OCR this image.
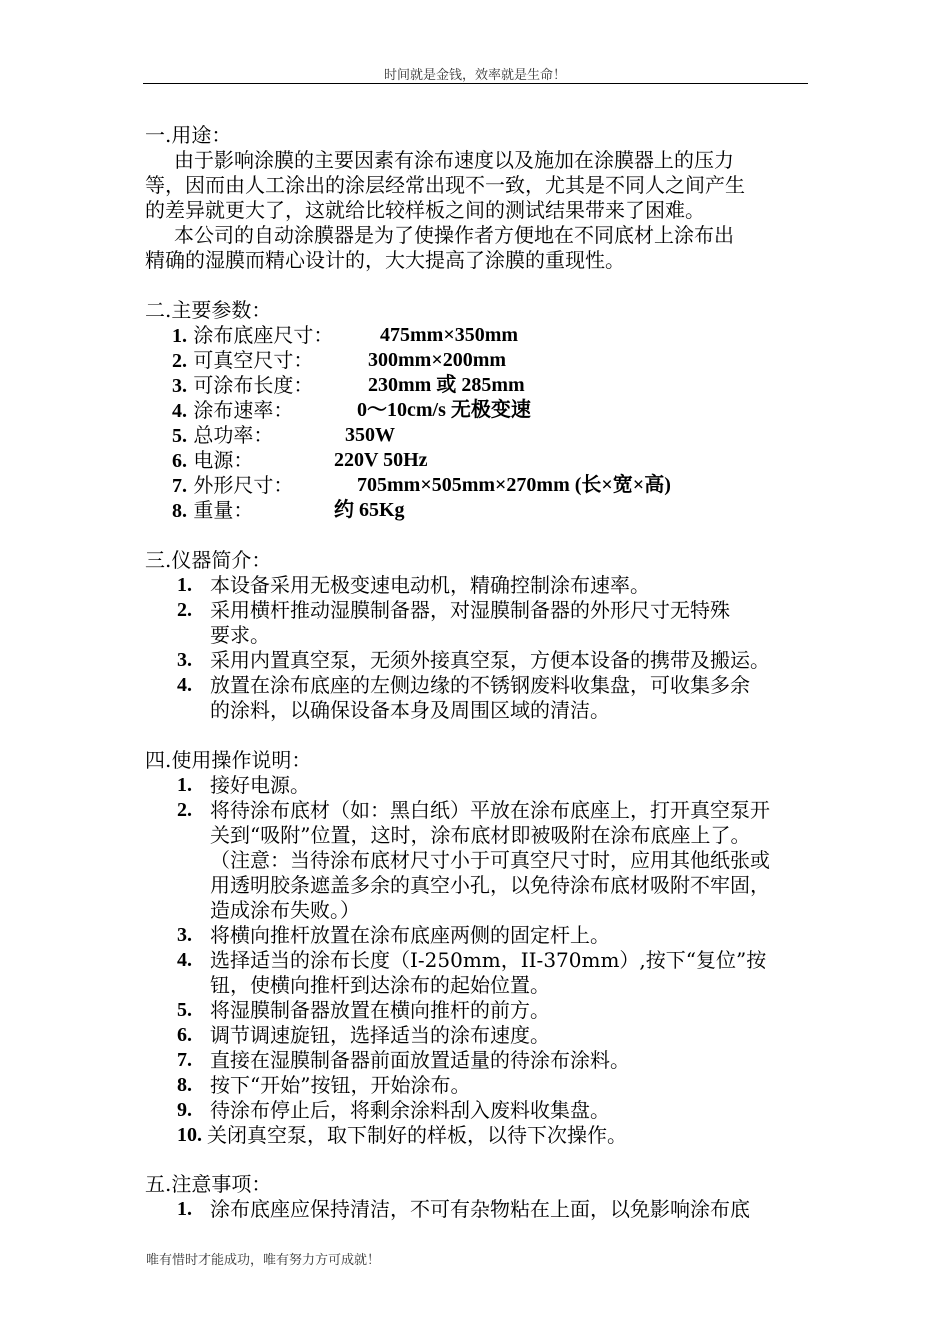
时间就是金钱，效率就是生命！
一.用途：
由于影响涂膜的主要因素有涂布速度以及施加在涂膜器上的压力
等，因而由人工涂出的涂层经常出现不一致，尤其是不同人之间产生
的差异就更大了，这就给比较样板之间的测试结果带来了困难。
本公司的自动涂膜器是为了使操作者方便地在不同底材上涂布出
精确的湿膜而精心设计的，大大提高了涂膜的重现性。
二.主要参数：
1. 涂布底座尺寸： 475mm×350mm
2. 可真空尺寸：	300mm×200mm
3. 可涂布长度：	230mm 或 285mm
4. 涂布速率：	0～10cm/s 无极变速
5. 总功率：	350W
6. 电源：	220V 50Hz
7. 外形尺寸：	705mm×505mm×270mm (长×宽×高)
8. 重量：	约 65Kg
三.仪器简介：
1. 本设备采用无极变速电动机，精确控制涂布速率。
2. 采用横杆推动湿膜制备器，对湿膜制备器的外形尺寸无特殊
要求。
3. 采用内置真空泵，无须外接真空泵，方便本设备的携带及搬运。
4. 放置在涂布底座的左侧边缘的不锈钢废料收集盘，可收集多余
的涂料，以确保设备本身及周围区域的清洁。
四.使用操作说明：
1. 接好电源。
2. 将待涂布底材（如：黑白纸）平放在涂布底座上，打开真空泵开
关到“吸附”位置，这时，涂布底材即被吸附在涂布底座上了。
（注意：当待涂布底材尺寸小于可真空尺寸时，应用其他纸张或
用透明胶条遮盖多余的真空小孔，以免待涂布底材吸附不牢固，
造成涂布失败。）
3. 将横向推杆放置在涂布底座两侧的固定杆上。
4. 选择适当的涂布长度（I-250mm，II-370mm）,按下“复位”按
钮，使横向推杆到达涂布的起始位置。
5. 将湿膜制备器放置在横向推杆的前方。
6. 调节调速旋钮，选择适当的涂布速度。
7. 直接在湿膜制备器前面放置适量的待涂布涂料。
8. 按下“开始”按钮，开始涂布。
9. 待涂布停止后，将剩余涂料刮入废料收集盘。
10. 关闭真空泵，取下制好的样板，以待下次操作。
五.注意事项：
1. 涂布底座应保持清洁，不可有杂物粘在上面，以免影响涂布底
唯有惜时才能成功，唯有努力方可成就！
